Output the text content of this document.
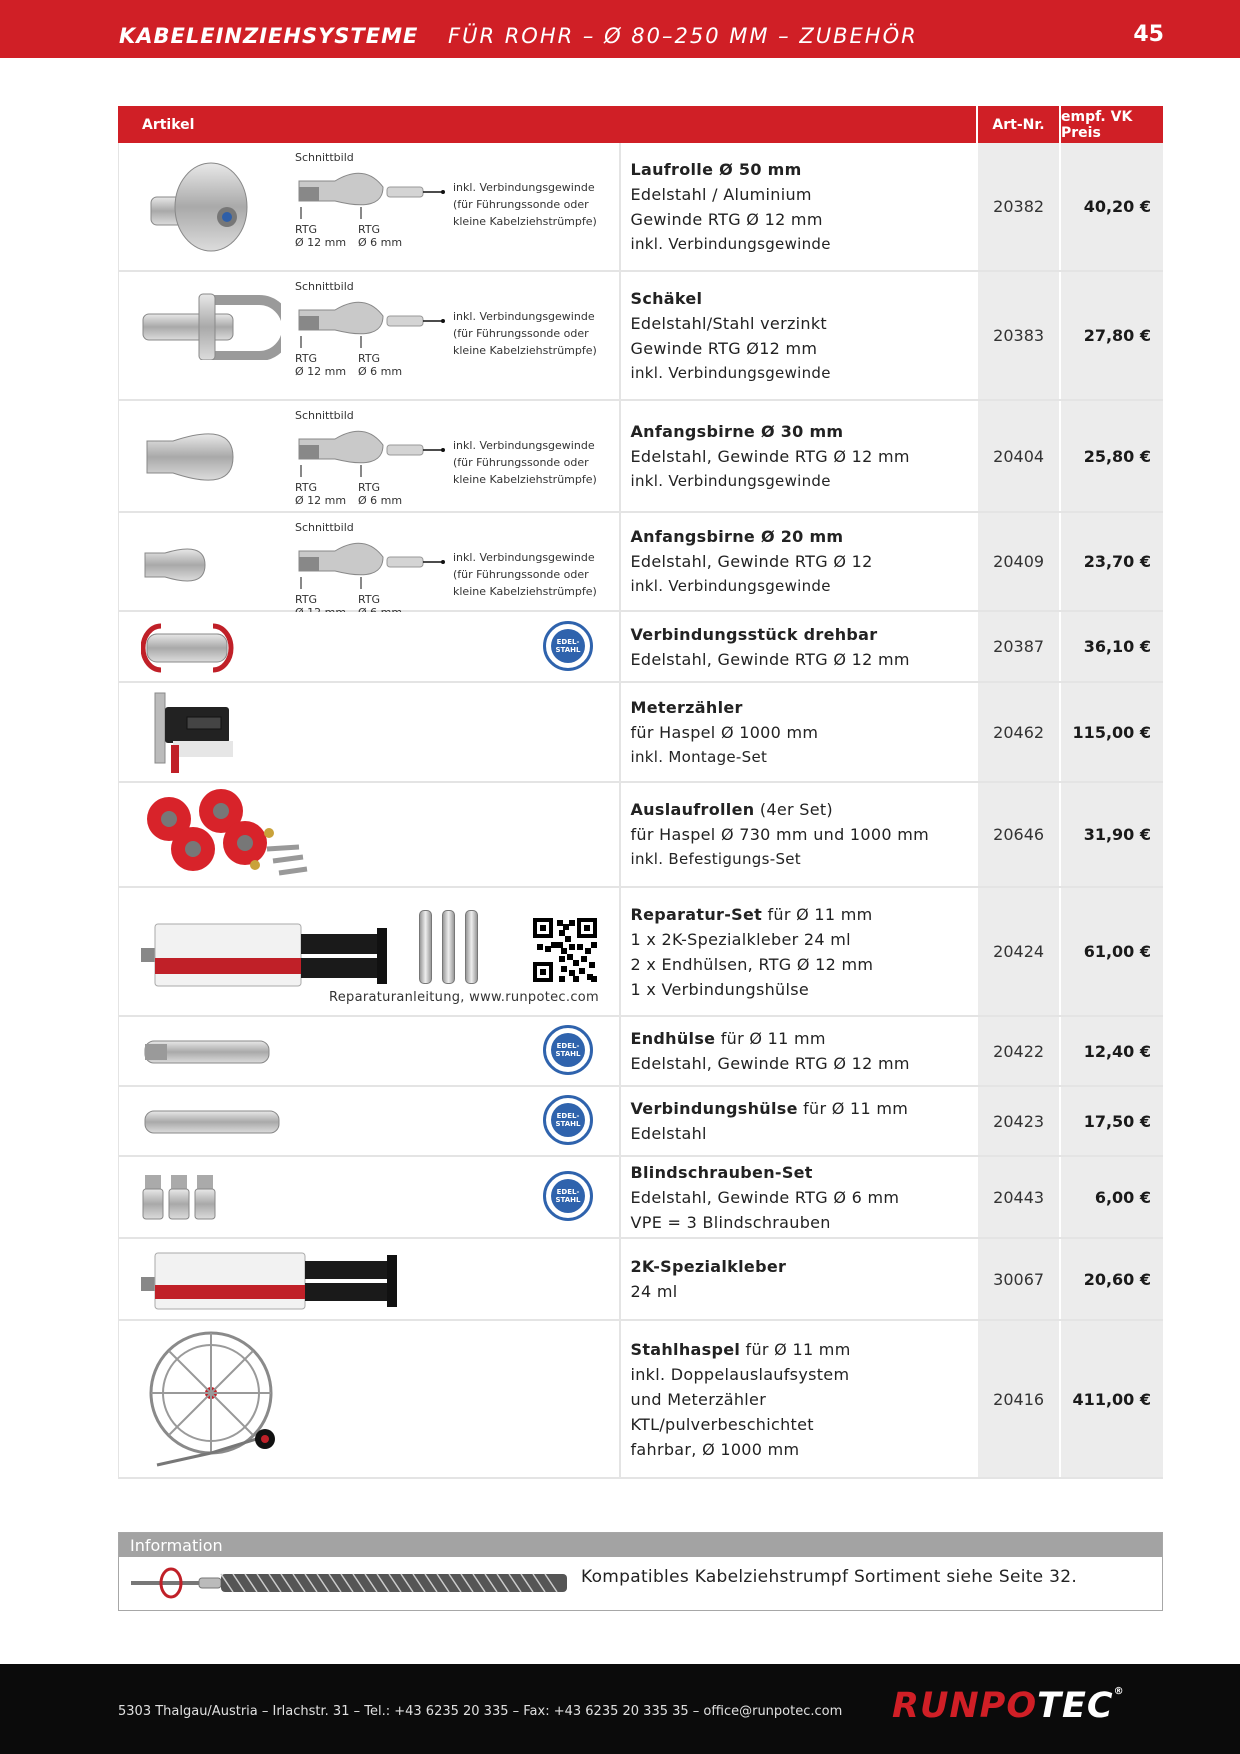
KABELEINZIEHSYSTEME FÜR ROHR – Ø 80–250 MM – ZUBEHÖR	45
Artikel	Art-Nr.	empf. VK Preis
Schnittbild
RTG
Ø 12 mm
RTG
Ø 6 mm
inkl. Verbindungsgewinde
(für Führungssonde oder
kleine Kabelziehstrümpfe)
Laufrolle Ø 50 mm
Edelstahl / Aluminium
Gewinde RTG Ø 12 mm
inkl. Verbindungsgewinde
20382	40,20 €
Schnittbild
RTG
Ø 12 mm
RTG
Ø 6 mm
inkl. Verbindungsgewinde
(für Führungssonde oder
kleine Kabelziehstrümpfe)
Schäkel
Edelstahl/Stahl verzinkt
Gewinde RTG Ø12 mm
inkl. Verbindungsgewinde
20383	27,80 €
Schnittbild
RTG
Ø 12 mm
RTG
Ø 6 mm
inkl. Verbindungsgewinde
(für Führungssonde oder
kleine Kabelziehstrümpfe)
Anfangsbirne Ø 30 mm
Edelstahl, Gewinde RTG Ø 12 mm
inkl. Verbindungsgewinde
20404	25,80 €
Schnittbild
RTG	RTG
inkl. Verbindungsgewinde
(für Führungssonde oder
kleine Kabelziehstrümpfe)
Anfangsbirne Ø 20 mm
Edelstahl, Gewinde RTG Ø 12
inkl. Verbindungsgewinde
20409	23,70 €
EDEL-
STAHL
Verbindungsstück drehbar
Edelstahl, Gewinde RTG Ø 12 mm
20387	36,10 €
Meterzähler
für Haspel Ø 1000 mm
inkl. Montage-Set
20462	115,00 €
Auslaufrollen (4er Set)
für Haspel Ø 730 mm und 1000 mm
inkl. Befestigungs-Set
20646	31,90 €
Reparaturanleitung, www.runpotec.com
Reparatur-Set für Ø 11 mm
1 x 2K-Spezialkleber 24 ml
2 x Endhülsen, RTG Ø 12 mm
1 x Verbindungshülse
20424	61,00 €
EDEL-
STAHL
Endhülse für Ø 11 mm
Edelstahl, Gewinde RTG Ø 12 mm
20422	12,40 €
EDEL-
STAHL
Verbindungshülse für Ø 11 mm
Edelstahl
20423	17,50 €
EDEL-
STAHL
Blindschrauben-Set
Edelstahl, Gewinde RTG Ø 6 mm
VPE = 3 Blindschrauben
20443	6,00 €
2K-Spezialkleber
24 ml
30067	20,60 €
Stahlhaspel für Ø 11 mm
inkl. Doppelauslaufsystem
und Meterzähler
KTL/pulverbeschichtet
fahrbar, Ø 1000 mm
20416	411,00 €
Information
Kompatibles Kabelziehstrumpf Sortiment siehe Seite 32.
5303 Thalgau/Austria – Irlachstr. 31 – Tel.: +43 6235 20 335 – Fax: +43 6235 20 335 35 – office@runpotec.com RUNPOTEC®
